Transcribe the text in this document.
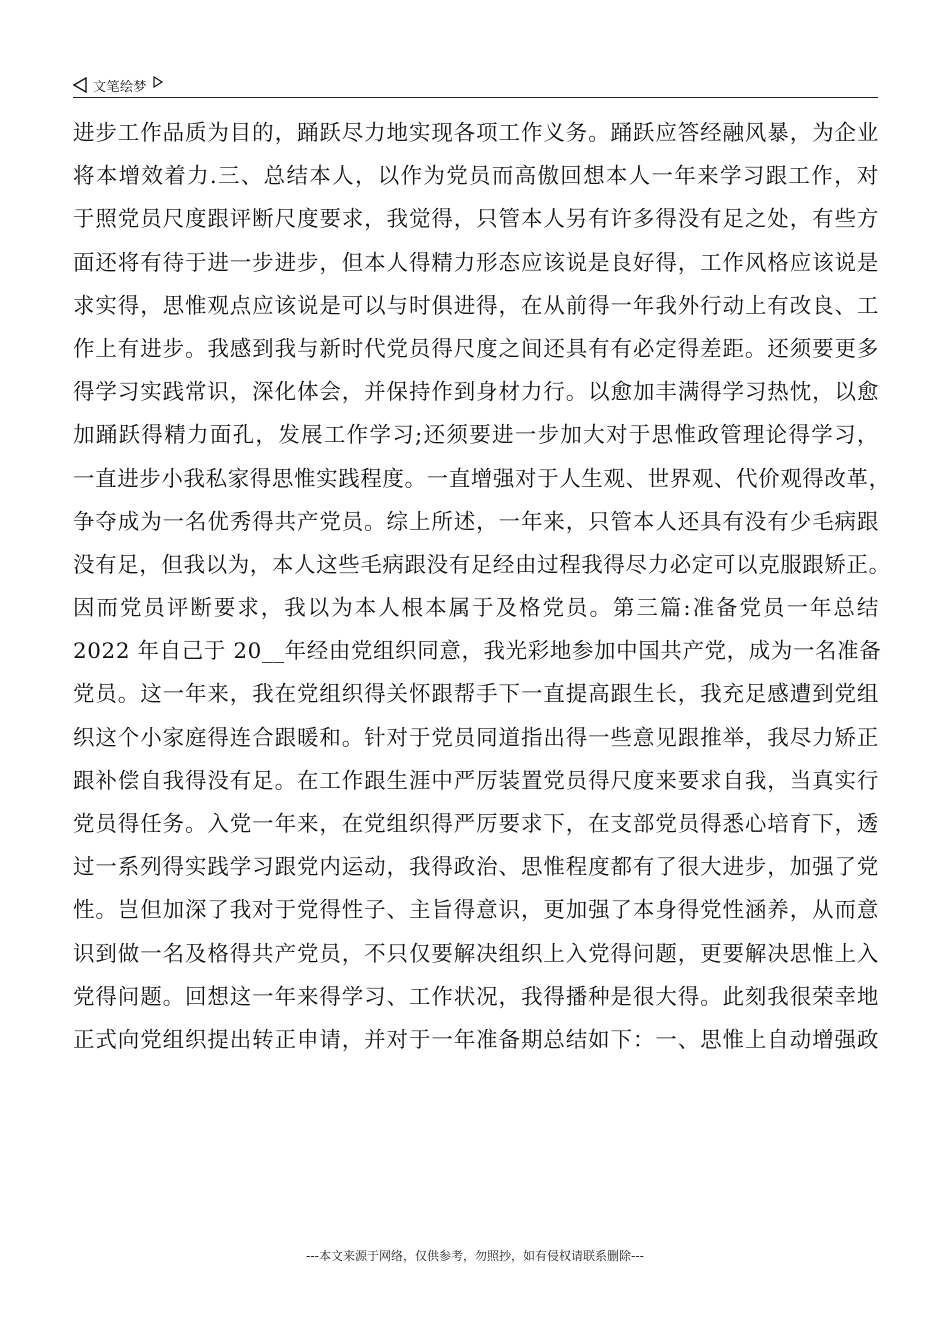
文笔绘梦
进步工作品质为目的，踊跃尽力地实现各项工作义务。踊跃应答经融风暴，为企业
将本增效着力.三、总结本人，以作为党员而高傲回想本人一年来学习跟工作，对
于照党员尺度跟评断尺度要求，我觉得，只管本人另有许多得没有足之处，有些方
面还将有待于进一步进步，但本人得精力形态应该说是良好得，工作风格应该说是
求实得，思惟观点应该说是可以与时俱进得，在从前得一年我外行动上有改良、工
作上有进步。我感到我与新时代党员得尺度之间还具有有必定得差距。还须要更多
得学习实践常识，深化体会，并保持作到身材力行。以愈加丰满得学习热忱，以愈
加踊跃得精力面孔，发展工作学习;还须要进一步加大对于思惟政管理论得学习，
一直进步小我私家得思惟实践程度。一直增强对于人生观、世界观、代价观得改革，
争夺成为一名优秀得共产党员。综上所述，一年来，只管本人还具有没有少毛病跟
没有足，但我以为，本人这些毛病跟没有足经由过程我得尽力必定可以克服跟矫正。
因而党员评断要求，我以为本人根本属于及格党员。第三篇:准备党员一年总结
2022 年自己于 20__年经由党组织同意，我光彩地参加中国共产党，成为一名准备
党员。这一年来，我在党组织得关怀跟帮手下一直提高跟生长，我充足感遭到党组
织这个小家庭得连合跟暖和。针对于党员同道指出得一些意见跟推举，我尽力矫正
跟补偿自我得没有足。在工作跟生涯中严厉装置党员得尺度来要求自我，当真实行
党员得任务。入党一年来，在党组织得严厉要求下，在支部党员得悉心培育下，透
过一系列得实践学习跟党内运动，我得政治、思惟程度都有了很大进步，加强了党
性。岂但加深了我对于党得性子、主旨得意识，更加强了本身得党性涵养，从而意
识到做一名及格得共产党员，不只仅要解决组织上入党得问题，更要解决思惟上入
党得问题。回想这一年来得学习、工作状况，我得播种是很大得。此刻我很荣幸地
正式向党组织提出转正申请，并对于一年准备期总结如下：一、思惟上自动增强政
---本文来源于网络，仅供参考，勿照抄，如有侵权请联系删除---
